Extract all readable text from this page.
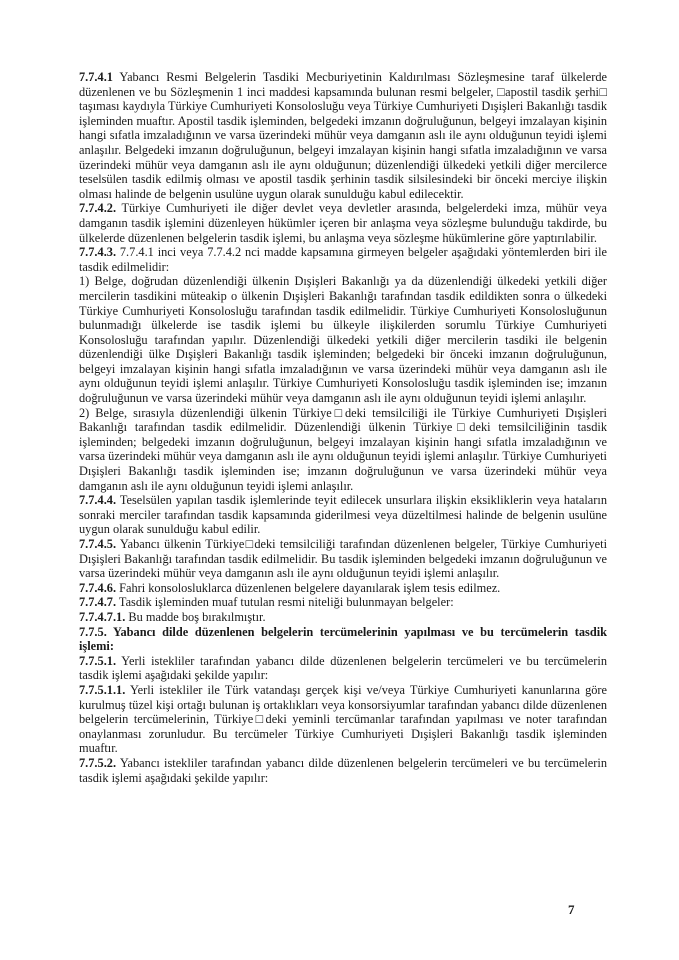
7.7.4.1 Yabancı Resmi Belgelerin Tasdiki Mecburiyetinin Kaldırılması Sözleşmesine taraf ülkelerde düzenlenen ve bu Sözleşmenin 1 inci maddesi kapsamında bulunan resmi belgeler, □apostil tasdik şerhi□ taşıması kaydıyla Türkiye Cumhuriyeti Konsolosluğu veya Türkiye Cumhuriyeti Dışişleri Bakanlığı tasdik işleminden muaftır. Apostil tasdik işleminden, belgedeki imzanın doğruluğunun, belgeyi imzalayan kişinin hangi sıfatla imzaladığının ve varsa üzerindeki mühür veya damganın aslı ile aynı olduğunun teyidi işlemi anlaşılır. Belgedeki imzanın doğruluğunun, belgeyi imzalayan kişinin hangi sıfatla imzaladığının ve varsa üzerindeki mühür veya damganın aslı ile aynı olduğunun; düzenlendiği ülkedeki yetkili diğer mercilerce teselsülen tasdik edilmiş olması ve apostil tasdik şerhinin tasdik silsilesindeki bir önceki merciye ilişkin olması halinde de belgenin usulüne uygun olarak sunulduğu kabul edilecektir.

7.7.4.2. Türkiye Cumhuriyeti ile diğer devlet veya devletler arasında, belgelerdeki imza, mühür veya damganın tasdik işlemini düzenleyen hükümler içeren bir anlaşma veya sözleşme bulunduğu takdirde, bu ülkelerde düzenlenen belgelerin tasdik işlemi, bu anlaşma veya sözleşme hükümlerine göre yaptırılabilir.

7.7.4.3. 7.7.4.1 inci veya 7.7.4.2 nci madde kapsamına girmeyen belgeler aşağıdaki yöntemlerden biri ile tasdik edilmelidir:

1) Belge, doğrudan düzenlendiği ülkenin Dışişleri Bakanlığı ya da düzenlendiği ülkedeki yetkili diğer mercilerin tasdikini müteakip o ülkenin Dışişleri Bakanlığı tarafından tasdik edildikten sonra o ülkedeki Türkiye Cumhuriyeti Konsolosluğu tarafından tasdik edilmelidir. Türkiye Cumhuriyeti Konsolosluğunun bulunmadığı ülkelerde ise tasdik işlemi bu ülkeyle ilişkilerden sorumlu Türkiye Cumhuriyeti Konsolosluğu tarafından yapılır. Düzenlendiği ülkedeki yetkili diğer mercilerin tasdiki ile belgenin düzenlendiği ülke Dışişleri Bakanlığı tasdik işleminden; belgedeki bir önceki imzanın doğruluğunun, belgeyi imzalayan kişinin hangi sıfatla imzaladığının ve varsa üzerindeki mühür veya damganın aslı ile aynı olduğunun teyidi işlemi anlaşılır. Türkiye Cumhuriyeti Konsolosluğu tasdik işleminden ise; imzanın doğruluğunun ve varsa üzerindeki mühür veya damganın aslı ile aynı olduğunun teyidi işlemi anlaşılır.

2) Belge, sırasıyla düzenlendiği ülkenin Türkiye□deki temsilciliği ile Türkiye Cumhuriyeti Dışişleri Bakanlığı tarafından tasdik edilmelidir. Düzenlendiği ülkenin Türkiye□deki temsilciliğinin tasdik işleminden; belgedeki imzanın doğruluğunun, belgeyi imzalayan kişinin hangi sıfatla imzaladığının ve varsa üzerindeki mühür veya damganın aslı ile aynı olduğunun teyidi işlemi anlaşılır. Türkiye Cumhuriyeti Dışişleri Bakanlığı tasdik işleminden ise; imzanın doğruluğunun ve varsa üzerindeki mühür veya damganın aslı ile aynı olduğunun teyidi işlemi anlaşılır.

7.7.4.4. Teselsülen yapılan tasdik işlemlerinde teyit edilecek unsurlara ilişkin eksikliklerin veya hataların sonraki merciler tarafından tasdik kapsamında giderilmesi veya düzeltilmesi halinde de belgenin usulüne uygun olarak sunulduğu kabul edilir.

7.7.4.5. Yabancı ülkenin Türkiye□deki temsilciliği tarafından düzenlenen belgeler, Türkiye Cumhuriyeti Dışişleri Bakanlığı tarafından tasdik edilmelidir. Bu tasdik işleminden belgedeki imzanın doğruluğunun ve varsa üzerindeki mühür veya damganın aslı ile aynı olduğunun teyidi işlemi anlaşılır.

7.7.4.6. Fahri konsolosluklarca düzenlenen belgelere dayanılarak işlem tesis edilmez.

7.7.4.7. Tasdik işleminden muaf tutulan resmi niteliği bulunmayan belgeler:

7.7.4.7.1. Bu madde boş bırakılmıştır.

7.7.5. Yabancı dilde düzenlenen belgelerin tercümelerinin yapılması ve bu tercümelerin tasdik işlemi:

7.7.5.1. Yerli istekliler tarafından yabancı dilde düzenlenen belgelerin tercümeleri ve bu tercümelerin tasdik işlemi aşağıdaki şekilde yapılır:

7.7.5.1.1. Yerli istekliler ile Türk vatandaşı gerçek kişi ve/veya Türkiye Cumhuriyeti kanunlarına göre kurulmuş tüzel kişi ortağı bulunan iş ortaklıkları veya konsorsiyumlar tarafından yabancı dilde düzenlenen belgelerin tercümelerinin, Türkiye□deki yeminli tercümanlar tarafından yapılması ve noter tarafından onaylanması zorunludur. Bu tercümeler Türkiye Cumhuriyeti Dışişleri Bakanlığı tasdik işleminden muaftır.

7.7.5.2. Yabancı istekliler tarafından yabancı dilde düzenlenen belgelerin tercümeleri ve bu tercümelerin tasdik işlemi aşağıdaki şekilde yapılır:

7
